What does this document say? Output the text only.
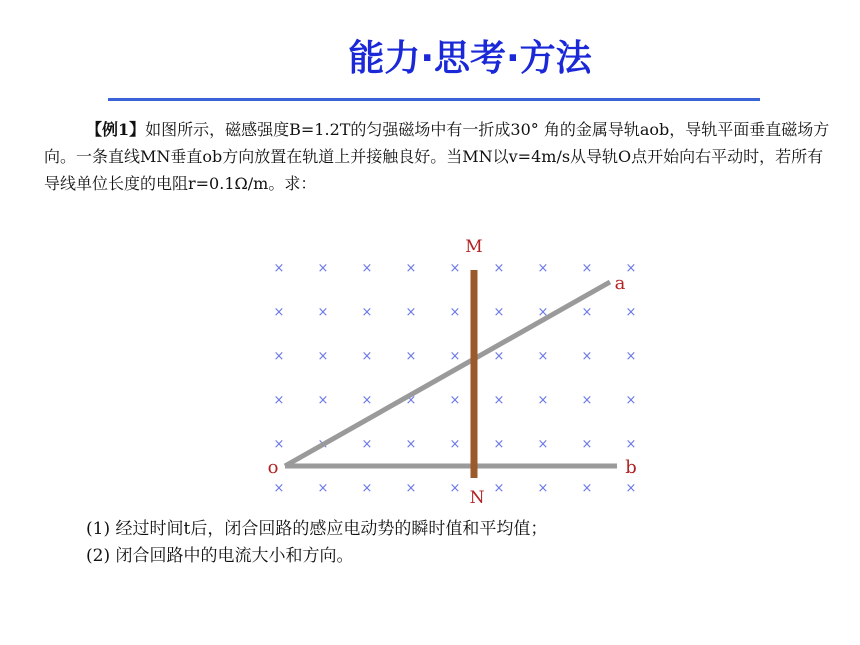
能力·思考·方法

【例1】如图所示，磁感强度B=1.2T的匀强磁场中有一折成30° 角的金属导轨aob，导轨平面垂直磁场方向。一条直线MN垂直ob方向放置在轨道上并接触良好。当MN以v=4m/s从导轨O点开始向右平动时，若所有导线单位长度的电阻r=0.1Ω/m。求：

×	×	×	×	×	×	×	×	×
×	×	×	×	×	×	×	×	×
×	×	×	×	×	×	×	×	×
×	×	×	×	×	×	×	×	×
×	×	×	×	×	×	×	×
×	×	×	×	×	×	×	×	×
M
N
o
a
b
(1) 经过时间t后，闭合回路的感应电动势的瞬时值和平均值；
(2) 闭合回路中的电流大小和方向。
